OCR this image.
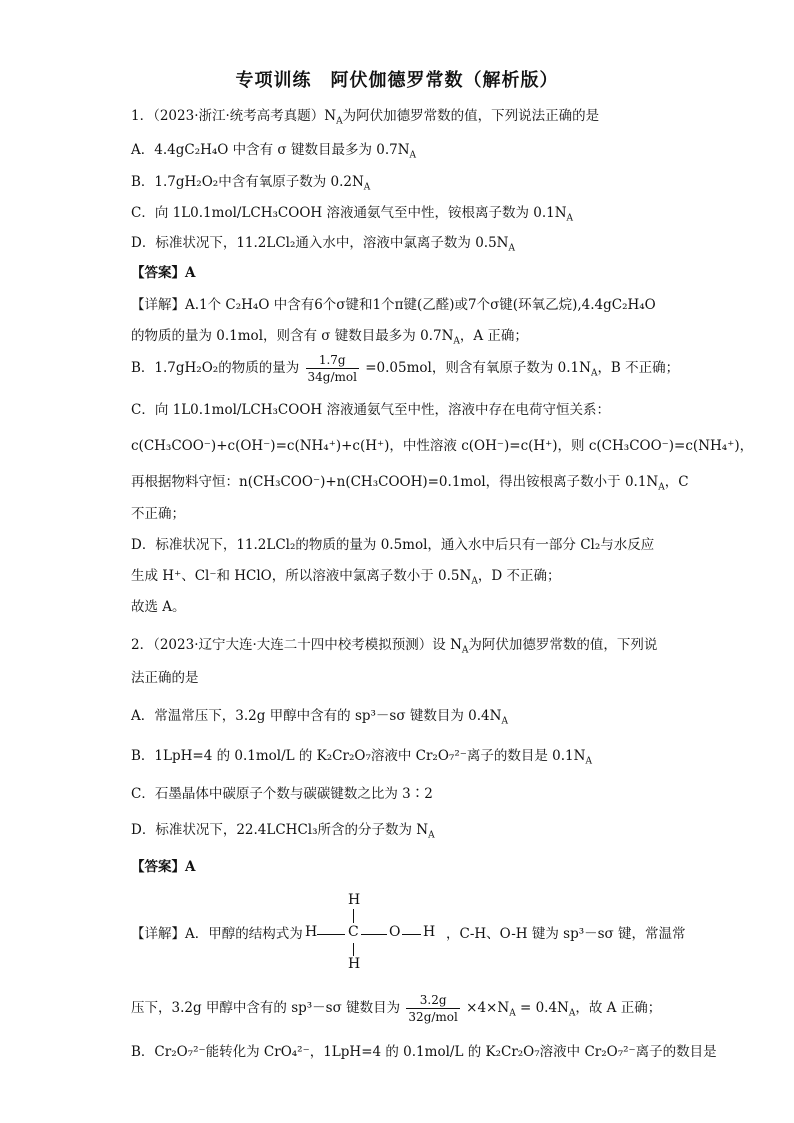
专项训练　阿伏伽德罗常数（解析版）
1．（2023·浙江·统考高考真题）$N_A$为阿伏加德罗常数的值，下列说法正确的是
A．4.4gC₂H₄O 中含有 σ 键数目最多为 $0.7N_A$
B．1.7gH₂O₂中含有氧原子数为 $0.2N_A$
C．向 1L0.1mol/LCH₃COOH 溶液通氨气至中性，铵根离子数为 $0.1N_A$
D．标准状况下，11.2LCl₂通入水中，溶液中氯离子数为 $0.5N_A$
【答案】A
【详解】A.1个 C₂H₄O 中含有6个σ键和1个π键(乙醛)或7个σ键(环氧乙烷),4.4gC₂H₄O
的物质的量为 0.1mol，则含有 σ 键数目最多为 $0.7N_A$，A 正确；
B．1.7gH₂O₂的物质的量为 $\frac{1.7g}{\text{34g/mol}} =0.05mol$，则含有氧原子数为 $0.1N_A$，B 不正确；
C．向 1L0.1mol/LCH₃COOH 溶液通氨气至中性，溶液中存在电荷守恒关系：
c(CH₃COO⁻)+c(OH⁻)=c(NH₄⁺)+c(H⁺)，中性溶液 c(OH⁻)=c(H⁺)，则 c(CH₃COO⁻)=c(NH₄⁺)，
再根据物料守恒：n(CH₃COO⁻)+n(CH₃COOH)=0.1mol，得出铵根离子数小于 $0.1N_A$，C
不正确；
D．标准状况下，11.2LCl₂的物质的量为 0.5mol，通入水中后只有一部分 Cl₂与水反应
生成 H⁺、Cl⁻和 HClO，所以溶液中氯离子数小于 $0.5N_A$，D 不正确；
故选 A。
2．（2023·辽宁大连·大连二十四中校考模拟预测）设 $N_A$为阿伏加德罗常数的值，下列说
法正确的是
A．常温常压下，3.2g 甲醇中含有的 sp³－sσ 键数目为 $0.4N_A$
B．1LpH=4 的 0.1mol/L 的 K₂Cr₂O₇溶液中 Cr₂O₇²⁻离子的数目是 $0.1N_A$
C．石墨晶体中碳原子个数与碳碳键数之比为 3∶2
D．标准状况下，22.4LCHCl₃所含的分子数为 $N_A$
【答案】A
【详解】A．甲醇的结构式为
H
H C O H
H
，C-H、O-H 键为 sp³－sσ 键，常温常
压下，3.2g 甲醇中含有的 sp³－sσ 键数目为 $\frac{3.2g}{\text{32g/mol}} \times 4\times N_A = 0.4N_A$，故 A 正确；
B．Cr₂O₇²⁻能转化为 CrO₄²⁻，1LpH=4 的 0.1mol/L 的 K₂Cr₂O₇溶液中 Cr₂O₇²⁻离子的数目是
